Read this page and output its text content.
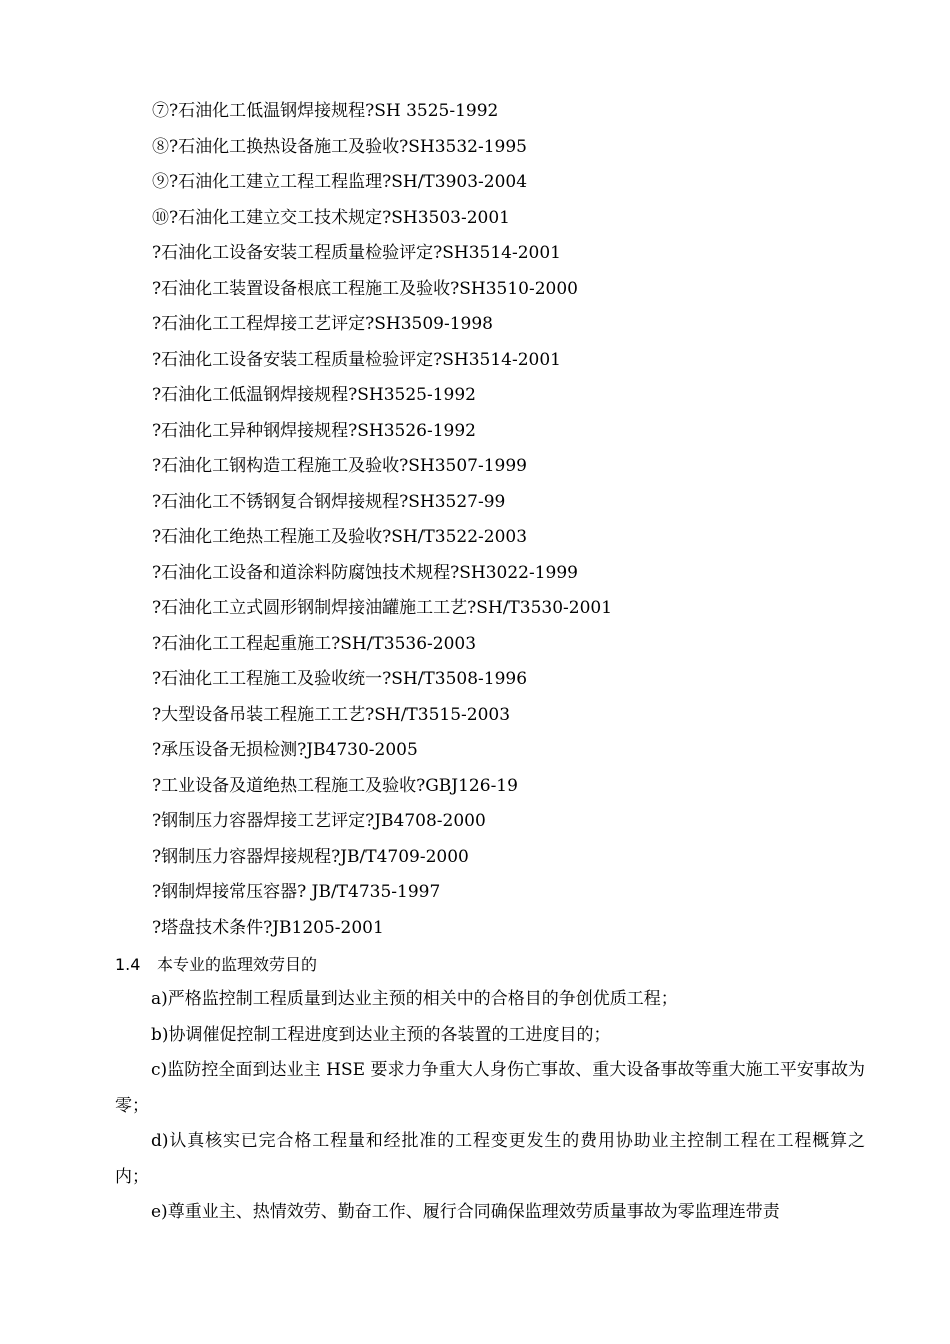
⑦?石油化工低温钢焊接规程?SH 3525-1992
⑧?石油化工换热设备施工及验收?SH3532-1995
⑨?石油化工建立工程工程监理?SH/T3903-2004
⑩?石油化工建立交工技术规定?SH3503-2001
?石油化工设备安装工程质量检验评定?SH3514-2001
?石油化工装置设备根底工程施工及验收?SH3510-2000
?石油化工工程焊接工艺评定?SH3509-1998
?石油化工设备安装工程质量检验评定?SH3514-2001
?石油化工低温钢焊接规程?SH3525-1992
?石油化工异种钢焊接规程?SH3526-1992
?石油化工钢构造工程施工及验收?SH3507-1999
?石油化工不锈钢复合钢焊接规程?SH3527-99
?石油化工绝热工程施工及验收?SH/T3522-2003
?石油化工设备和道涂料防腐蚀技术规程?SH3022-1999
?石油化工立式圆形钢制焊接油罐施工工艺?SH/T3530-2001
?石油化工工程起重施工?SH/T3536-2003
?石油化工工程施工及验收统一?SH/T3508-1996
?大型设备吊装工程施工工艺?SH/T3515-2003
?承压设备无损检测?JB4730-2005
?工业设备及道绝热工程施工及验收?GBJ126-19
?钢制压力容器焊接工艺评定?JB4708-2000
?钢制压力容器焊接规程?JB/T4709-2000
?钢制焊接常压容器? JB/T4735-1997
?塔盘技术条件?JB1205-2001
1.4 本专业的监理效劳目的

a)严格监控制工程质量到达业主预的相关中的合格目的争创优质工程；

b)协调催促控制工程进度到达业主预的各装置的工进度目的；

c)监防控全面到达业主 HSE 要求力争重大人身伤亡事故、重大设备事故等重大施工平安事故为零；

d)认真核实已完合格工程量和经批准的工程变更发生的费用协助业主控制工程在工程概算之内；

e)尊重业主、热情效劳、勤奋工作、履行合同确保监理效劳质量事故为零监理连带责
